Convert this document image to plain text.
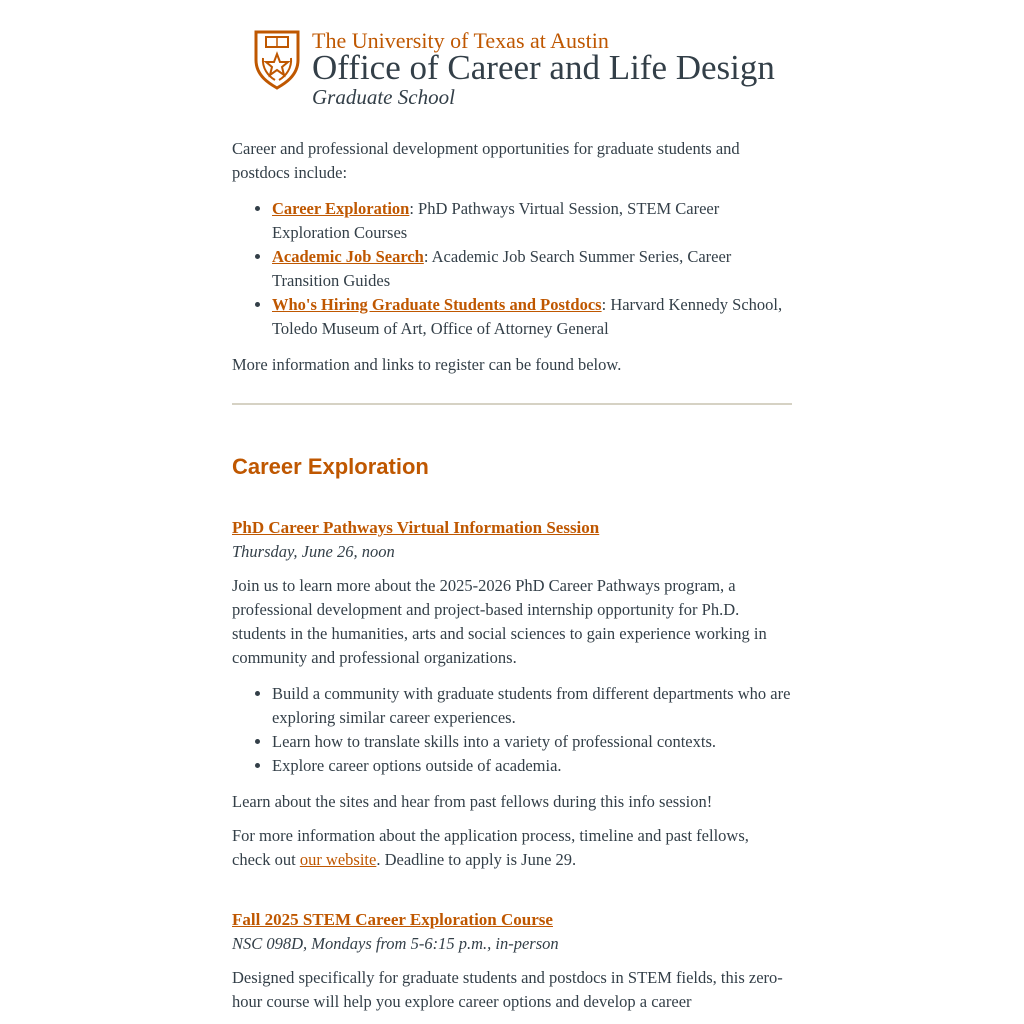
The University of Texas at Austin
Office of Career and Life Design
Graduate School

Career and professional development opportunities for graduate students and postdocs include:

• Career Exploration: PhD Pathways Virtual Session, STEM Career Exploration Courses
• Academic Job Search: Academic Job Search Summer Series, Career Transition Guides
• Who's Hiring Graduate Students and Postdocs: Harvard Kennedy School, Toledo Museum of Art, Office of Attorney General

More information and links to register can be found below.

Career Exploration
PhD Career Pathways Virtual Information Session

Thursday, June 26, noon

Join us to learn more about the 2025-2026 PhD Career Pathways program, a professional development and project-based internship opportunity for Ph.D. students in the humanities, arts and social sciences to gain experience working in community and professional organizations.

• Build a community with graduate students from different departments who are exploring similar career experiences.
• Learn how to translate skills into a variety of professional contexts.
• Explore career options outside of academia.

Learn about the sites and hear from past fellows during this info session!

For more information about the application process, timeline and past fellows, check out our website. Deadline to apply is June 29.

Fall 2025 STEM Career Exploration Course

NSC 098D, Mondays from 5-6:15 p.m., in-person

Designed specifically for graduate students and postdocs in STEM fields, this zero-hour course will help you explore career options and develop a career
